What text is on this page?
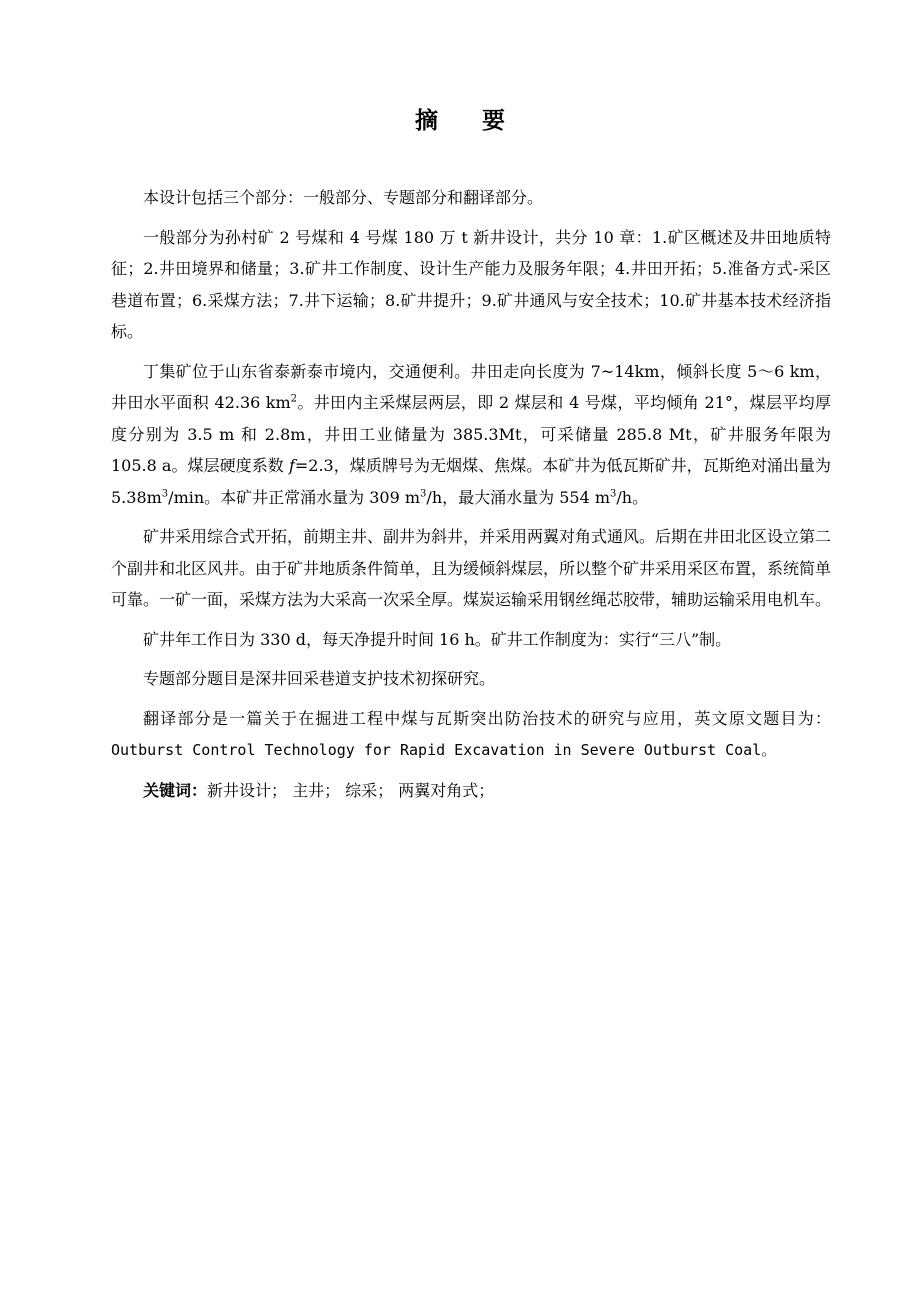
摘 要

本设计包括三个部分：一般部分、专题部分和翻译部分。

一般部分为孙村矿 2 号煤和 4 号煤 180 万 t 新井设计，共分 10 章：1.矿区概述及井田地质特征；2.井田境界和储量；3.矿井工作制度、设计生产能力及服务年限；4.井田开拓；5.准备方式-采区巷道布置；6.采煤方法；7.井下运输；8.矿井提升；9.矿井通风与安全技术；10.矿井基本技术经济指标。

丁集矿位于山东省泰新泰市境内，交通便利。井田走向长度为 7~14km，倾斜长度 5～6 km，井田水平面积 42.36 $km^2$。井田内主采煤层两层，即 2 煤层和 4 号煤，平均倾角 21°，煤层平均厚度分别为 3.5 m 和 2.8m，井田工业储量为 385.3Mt，可采储量 285.8 Mt，矿井服务年限为 105.8 a。煤层硬度系数 f=2.3，煤质牌号为无烟煤、焦煤。本矿井为低瓦斯矿井，瓦斯绝对涌出量为 $5.38m^3/\min$。本矿井正常涌水量为 309 $m^3/h$，最大涌水量为 554 $m^3/h$。

矿井采用综合式开拓，前期主井、副井为斜井，并采用两翼对角式通风。后期在井田北区设立第二个副井和北区风井。由于矿井地质条件简单，且为缓倾斜煤层，所以整个矿井采用采区布置，系统简单可靠。一矿一面，采煤方法为大采高一次采全厚。煤炭运输采用钢丝绳芯胶带，辅助运输采用电机车。

矿井年工作日为 330 d，每天净提升时间 16 h。矿井工作制度为：实行“三八”制。

专题部分题目是深井回采巷道支护技术初探研究。

翻译部分是一篇关于在掘进工程中煤与瓦斯突出防治技术的研究与应用，英文原文题目为：Outburst Control Technology for Rapid Excavation in Severe Outburst Coal。

关键词：新井设计； 主井； 综采； 两翼对角式；
